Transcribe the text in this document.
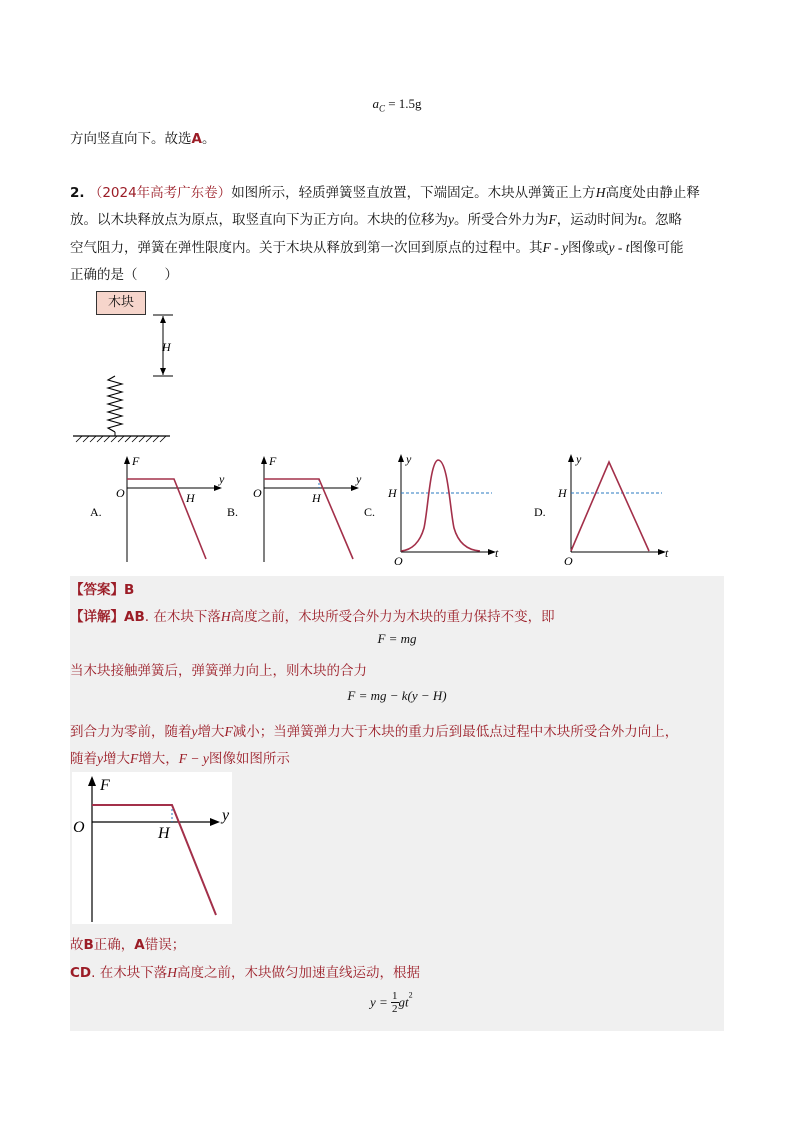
$a_C = 1.5g$
方向竖直向下。故选A。
2. （2024年高考广东卷）如图所示，轻质弹簧竖直放置，下端固定。木块从弹簧正上方H高度处由静止释
放。以木块释放点为原点，取竖直向下为正方向。木块的位移为y。所受合外力为F，运动时间为t。忽略
空气阻力，弹簧在弹性限度内。关于木块从释放到第一次回到原点的过程中。其F - y图像或y - t图像可能
正确的是（　　）
木块
H
A.
F
y
O	H
B.
F
y
O	H
C.
y
t
O
H
D.
y
t
O
H
【答案】B
【详解】AB. 在木块下落H高度之前，木块所受合外力为木块的重力保持不变，即
F = mg
当木块接触弹簧后，弹簧弹力向上，则木块的合力
F = mg − k(y − H)
到合力为零前，随着y增大F减小；当弹簧弹力大于木块的重力后到最低点过程中木块所受合外力向上，
随着y增大F增大，F − y图像如图所示
F
y
O	H
故B正确，A错误；
CD. 在木块下落H高度之前，木块做匀加速直线运动，根据
$y = \frac{1}{2} gt^2$
